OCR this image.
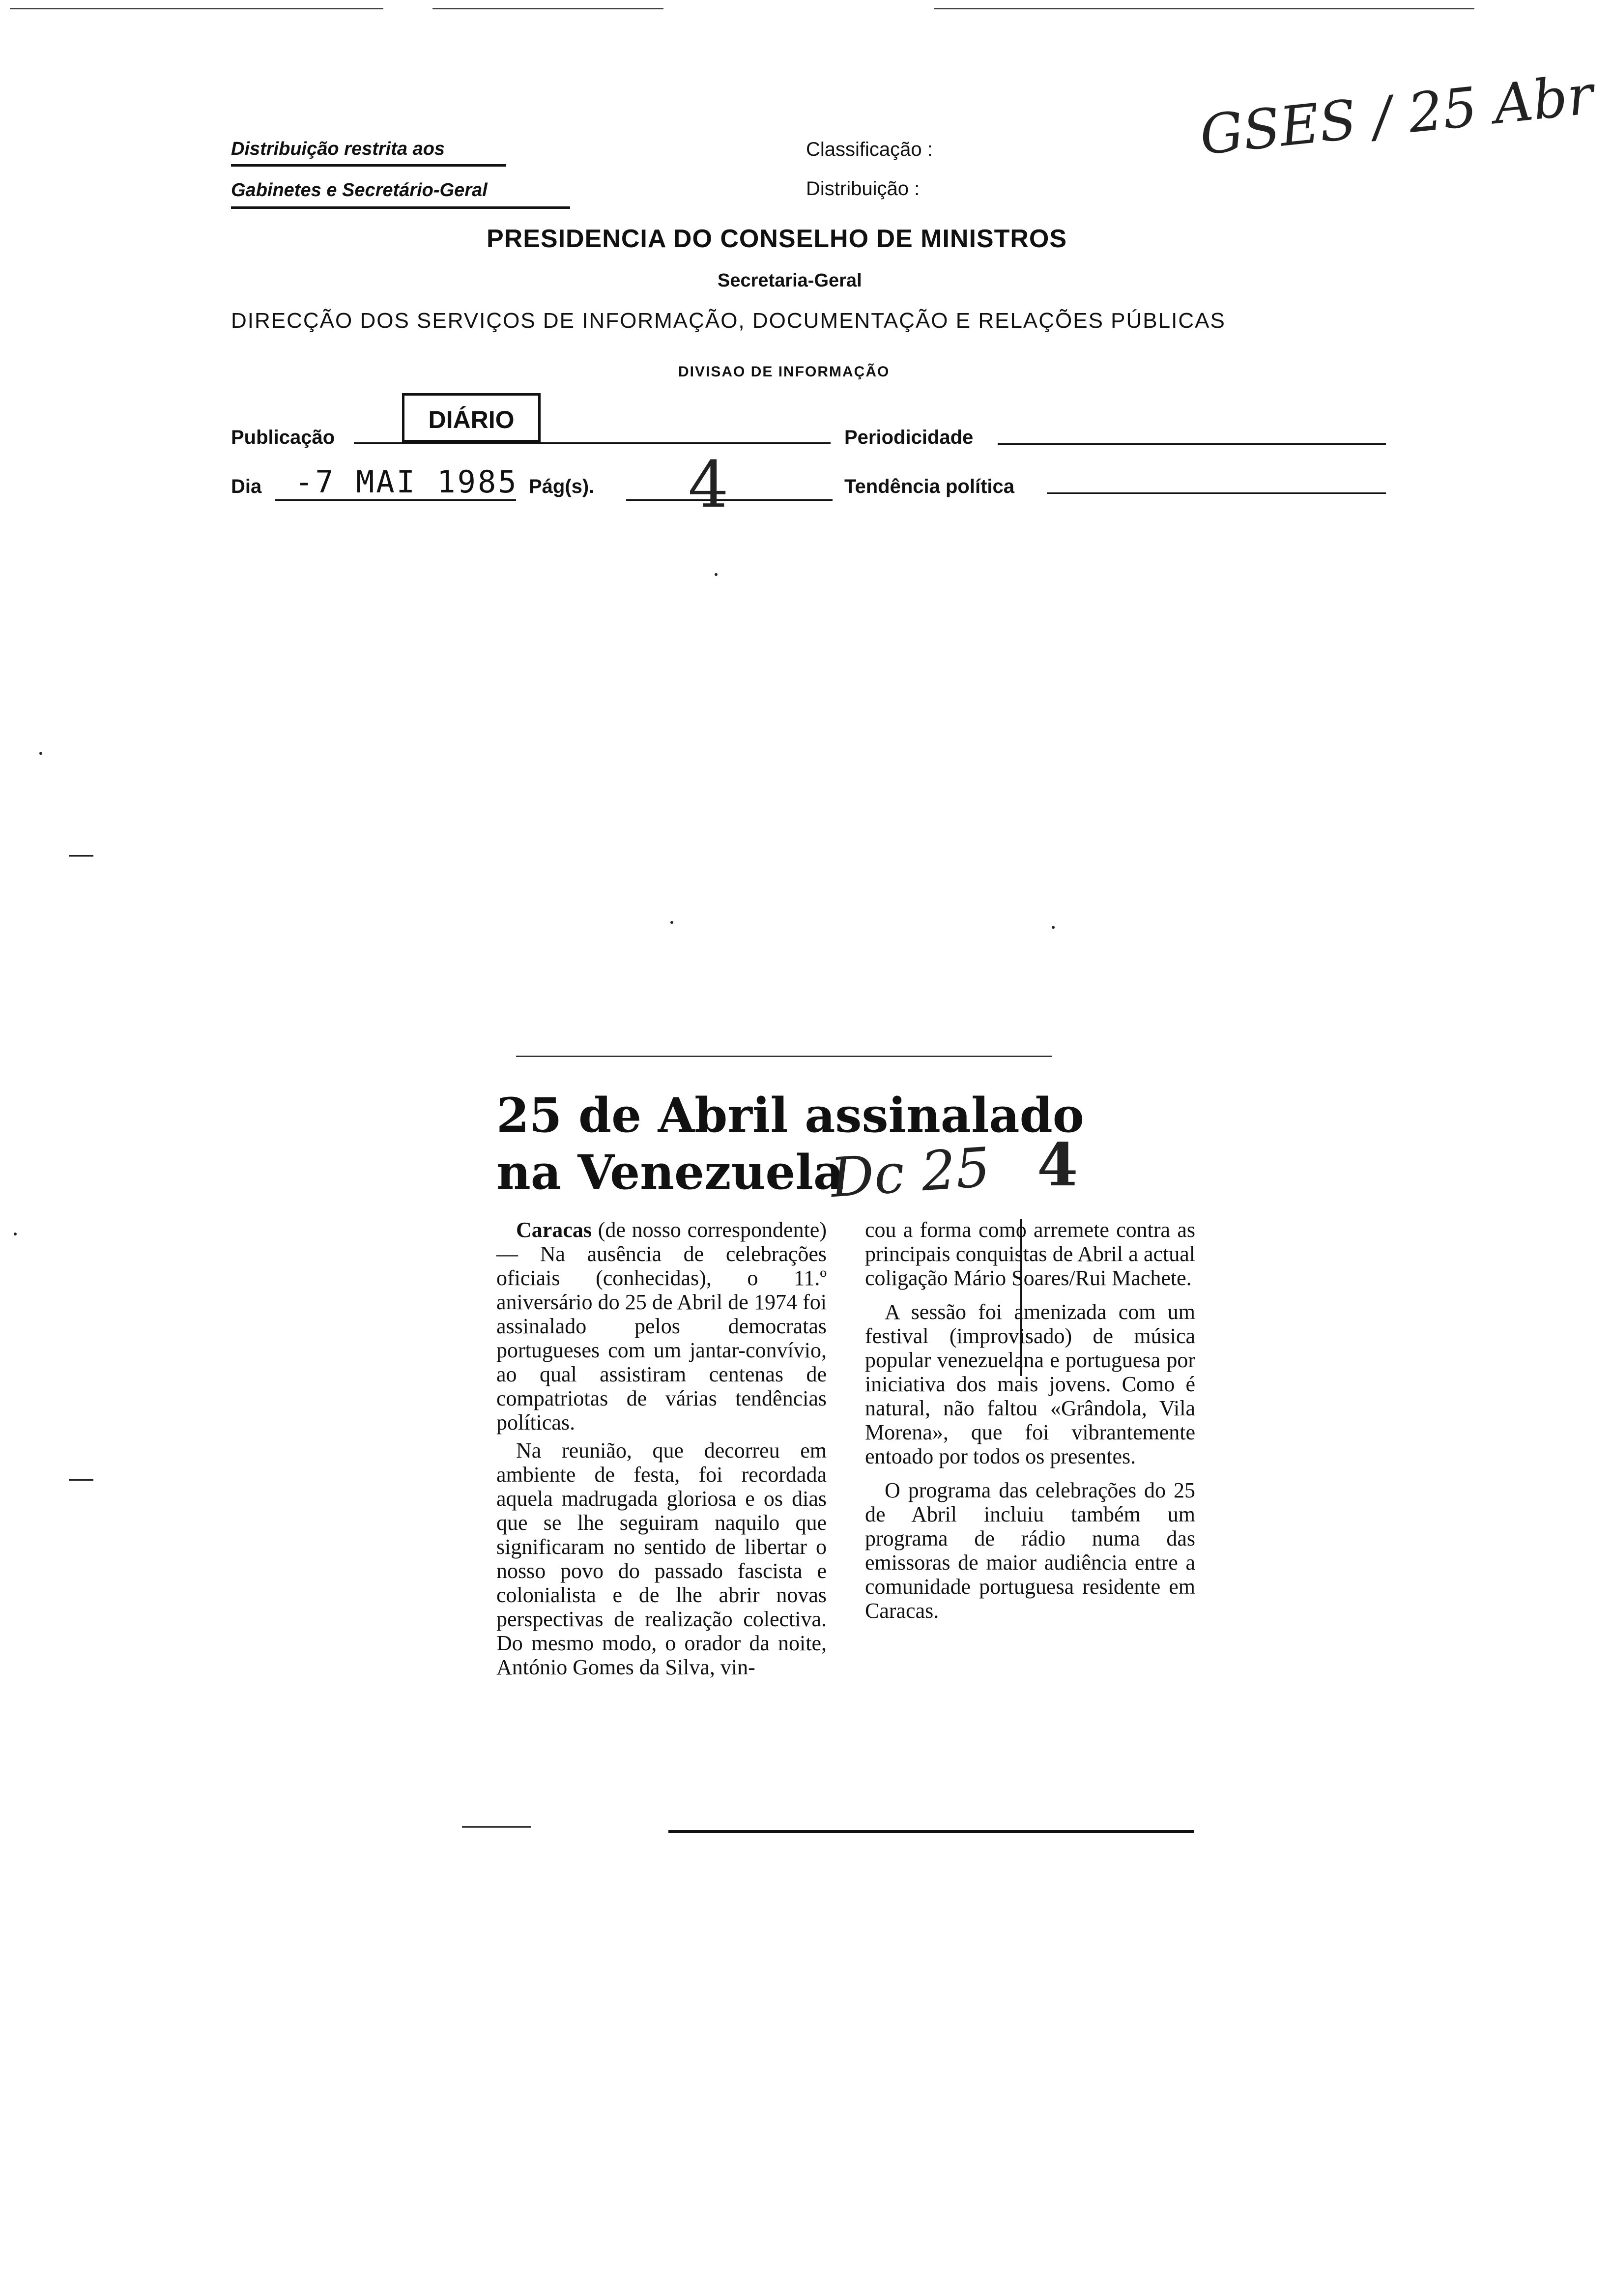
Distribuição restrita aos
Gabinetes e Secretário-Geral
Classificação :
Distribuição :
GSES / 25 Abr
PRESIDENCIA DO CONSELHO DE MINISTROS
Secretaria-Geral
DIRECÇÃO DOS SERVIÇOS DE INFORMAÇÃO, DOCUMENTAÇÃO E RELAÇÕES PÚBLICAS
DIVISAO DE INFORMAÇÃO
Publicação
DIÁRIO
Periodicidade
Dia -7 MAI 1985 Pág(s). 4	Tendência política
25 de Abril assinalado
na Venezuela
Dc 25 4

Caracas (de nosso correspondente) — Na ausência de celebrações oficiais (conhecidas), o 11.º aniversário do 25 de Abril de 1974 foi assinalado pelos democratas portugueses com um jantar-convívio, ao qual assistiram centenas de compatriotas de várias tendências políticas.

Na reunião, que decorreu em ambiente de festa, foi recordada aquela madrugada gloriosa e os dias que se lhe seguiram naquilo que significaram no sentido de libertar o nosso povo do passado fascista e colonialista e de lhe abrir novas perspectivas de realização colectiva. Do mesmo modo, o orador da noite, António Gomes da Silva, vin-

cou a forma como arremete contra as principais conquistas de Abril a actual coligação Mário Soares/Rui Machete.

A sessão foi amenizada com um festival (improvisado) de música popular venezuelana e portuguesa por iniciativa dos mais jovens. Como é natural, não faltou «Grândola, Vila Morena», que foi vibrantemente entoado por todos os presentes.

O programa das celebrações do 25 de Abril incluiu também um programa de rádio numa das emissoras de maior audiência entre a comunidade portuguesa residente em Caracas.
